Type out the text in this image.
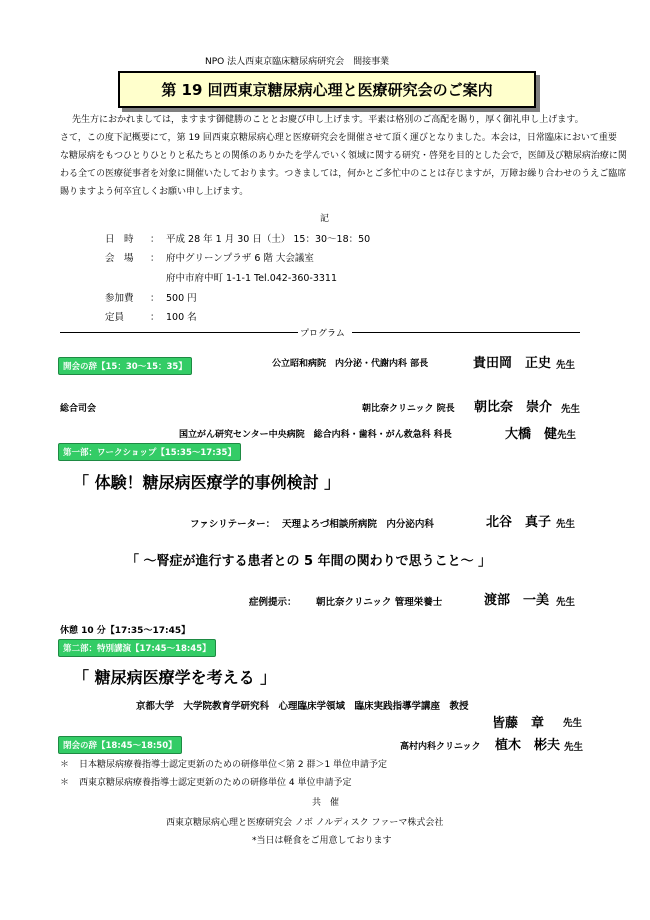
NPO 法人西東京臨床糖尿病研究会　間接事業
第 19 回西東京糖尿病心理と医療研究会のご案内
先生方におかれましては，ますます御健勝のこととお慶び申し上げます。平素は格別のご高配を賜り，厚く御礼申し上げます。
さて，この度下記概要にて，第 19 回西東京糖尿病心理と医療研究会を開催させて頂く運びとなりました。本会は，日常臨床において重要
な糖尿病をもつひとりひとりと私たちとの関係のありかたを学んでいく領域に関する研究・啓発を目的とした会で，医師及び糖尿病治療に関
わる全ての医療従事者を対象に開催いたしております。つきましては，何かとご多忙中のことは存じますが，万障お繰り合わせのうえご臨席
賜りますよう何卒宜しくお願い申し上げます。
記
日　時 ： 平成 28 年 1 月 30 日（土） 15：30～18：50
会　場 ： 府中グリーンプラザ 6 階 大会議室
府中市府中町 1-1-1 Tel.042-360-3311
参加費 ： 500 円
定員	： 100 名
プログラム
開会の辞【15：30～15：35】	公立昭和病院　内分泌・代謝内科 部長	貴田岡　正史 先生
総合司会	朝比奈クリニック 院長 朝比奈　崇介 先生
国立がん研究センター中央病院　総合内科・歯科・がん救急科 科長	大橋　健 先生
第一部：ワークショップ【15:35～17:35】
「 体験！糖尿病医療学的事例検討 」
ファシリテーター： 天理よろづ相談所病院　内分泌内科	北谷　真子 先生
「 ～腎症が進行する患者との 5 年間の関わりで思うこと～ 」
症例提示： 朝比奈クリニック 管理栄養士	渡部　一美 先生
休憩 10 分【17:35～17:45】
第二部：特別講演【17:45～18:45】
「 糖尿病医療学を考える 」
京都大学　大学院教育学研究科　心理臨床学領域　臨床実践指導学講座　教授
皆藤　章 先生
閉会の辞【18:45～18:50】	高村内科クリニック 植木　彬夫 先生
＊ 日本糖尿病療養指導士認定更新のための研修単位＜第 2 群＞1 単位申請予定
＊ 西東京糖尿病療養指導士認定更新のための研修単位 4 単位申請予定
共　催
西東京糖尿病心理と医療研究会 ノボ ノルディスク ファーマ株式会社
*当日は軽食をご用意しております
